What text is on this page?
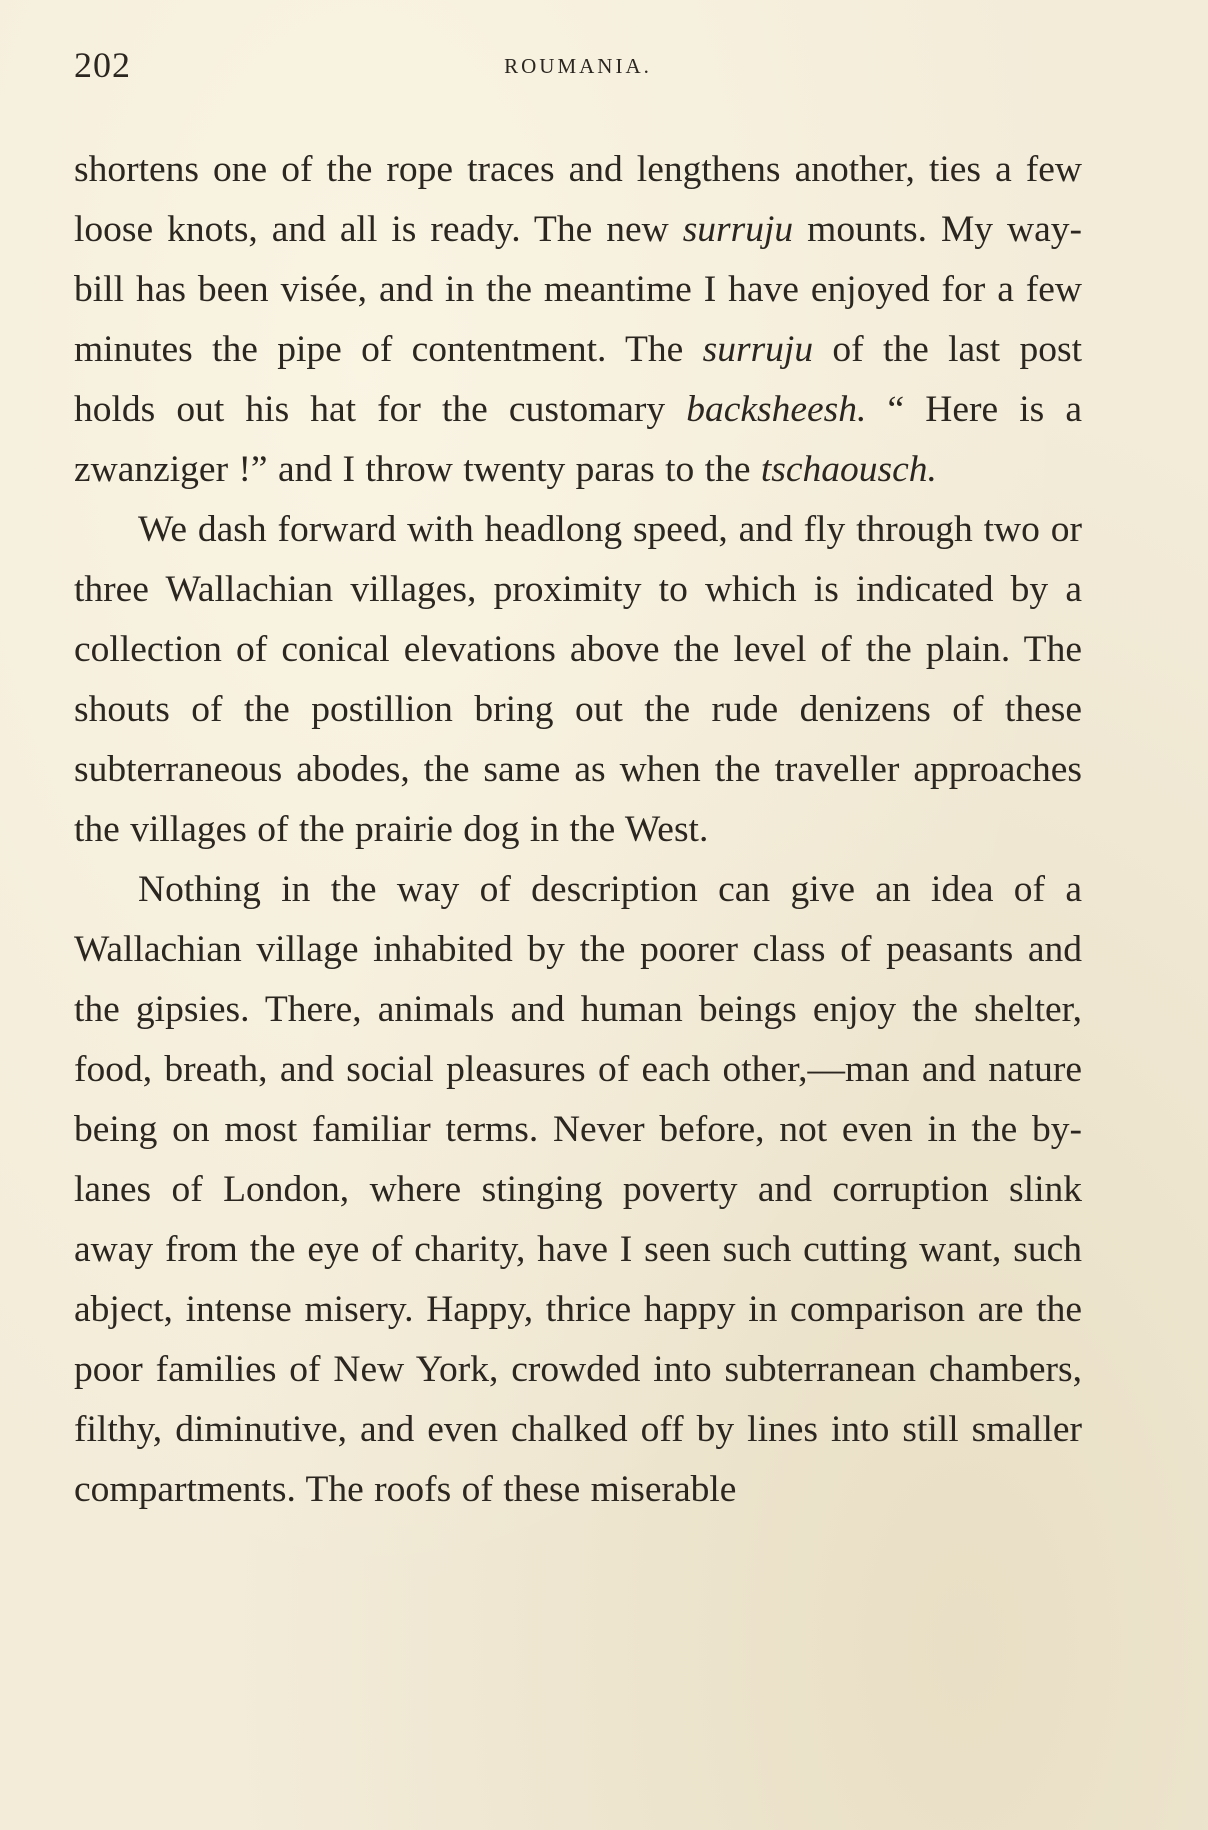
202	ROUMANIA.

shortens one of the rope traces and lengthens another, ties a few loose knots, and all is ready. The new surruju mounts. My way-bill has been visée, and in the meantime I have enjoyed for a few minutes the pipe of contentment. The surruju of the last post holds out his hat for the customary backsheesh. “ Here is a zwanziger !” and I throw twenty paras to the tschaousch.

We dash forward with headlong speed, and fly through two or three Wallachian villages, proximity to which is indicated by a collection of conical elevations above the level of the plain. The shouts of the postillion bring out the rude denizens of these subterraneous abodes, the same as when the traveller approaches the villages of the prairie dog in the West.

Nothing in the way of description can give an idea of a Wallachian village inhabited by the poorer class of peasants and the gipsies. There, animals and human beings enjoy the shelter, food, breath, and social pleasures of each other,—man and nature being on most familiar terms. Never before, not even in the by-lanes of London, where stinging poverty and corruption slink away from the eye of charity, have I seen such cutting want, such abject, intense misery. Happy, thrice happy in comparison are the poor families of New York, crowded into subterranean chambers, filthy, diminutive, and even chalked off by lines into still smaller compartments. The roofs of these miserable
